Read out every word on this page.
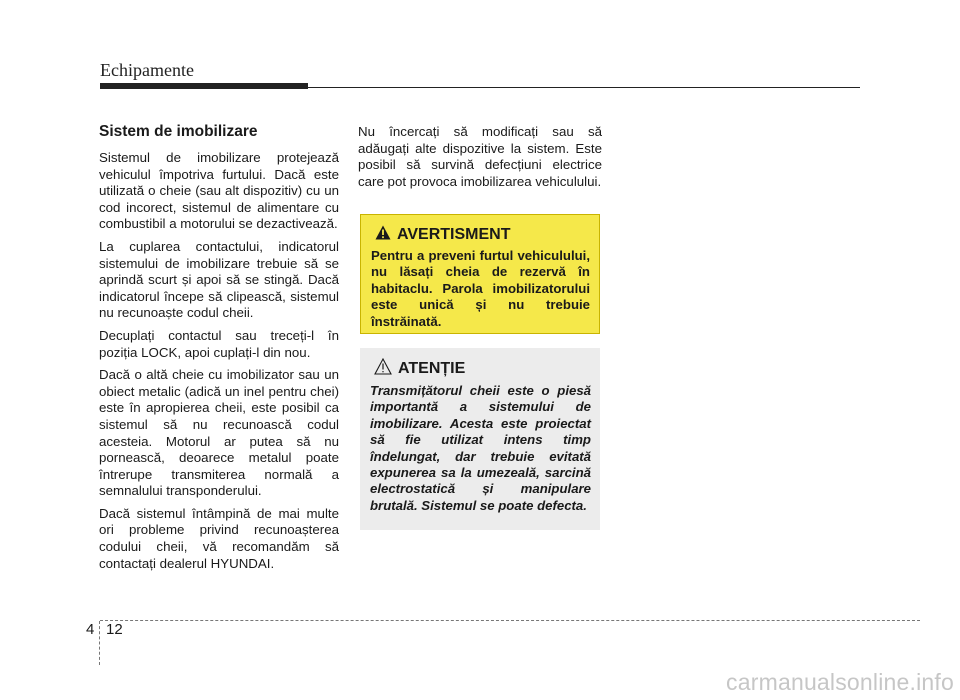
Echipamente
Sistem de imobilizare

Sistemul de imobilizare protejează vehiculul împotriva furtului. Dacă este utilizată o cheie (sau alt dispozitiv) cu un cod incorect, sistemul de alimentare cu combustibil a motorului se dezactivează.

La cuplarea contactului, indicatorul sistemului de imobilizare trebuie să se aprindă scurt și apoi să se stingă. Dacă indicatorul începe să clipească, sistemul nu recunoaște codul cheii.

Decuplați contactul sau treceți-l în poziția LOCK, apoi cuplați-l din nou.

Dacă o altă cheie cu imobilizator sau un obiect metalic (adică un inel pentru chei) este în apropierea cheii, este posibil ca sistemul să nu recunoască codul acesteia. Motorul ar putea să nu pornească, deoarece metalul poate întrerupe transmiterea normală a semnalului transponderului.

Dacă sistemul întâmpină de mai multe ori probleme privind recunoașterea codului cheii, vă recomandăm să contactați dealerul HYUNDAI.

Nu încercați să modificați sau să adăugați alte dispozitive la sistem. Este posibil să survină defecțiuni electrice care pot provoca imobilizarea vehiculului.

AVERTISMENT

Pentru a preveni furtul vehiculului, nu lăsați cheia de rezervă în habitaclu. Parola imobilizatorului este unică și nu trebuie înstrăinată.

ATENȚIE

Transmițătorul cheii este o piesă importantă a sistemului de imobilizare. Acesta este proiectat să fie utilizat intens timp îndelungat, dar trebuie evitată expunerea sa la umezeală, sarcină electrostatică și manipulare brutală. Sistemul se poate defecta.

4 12
carmanualsonline.info
